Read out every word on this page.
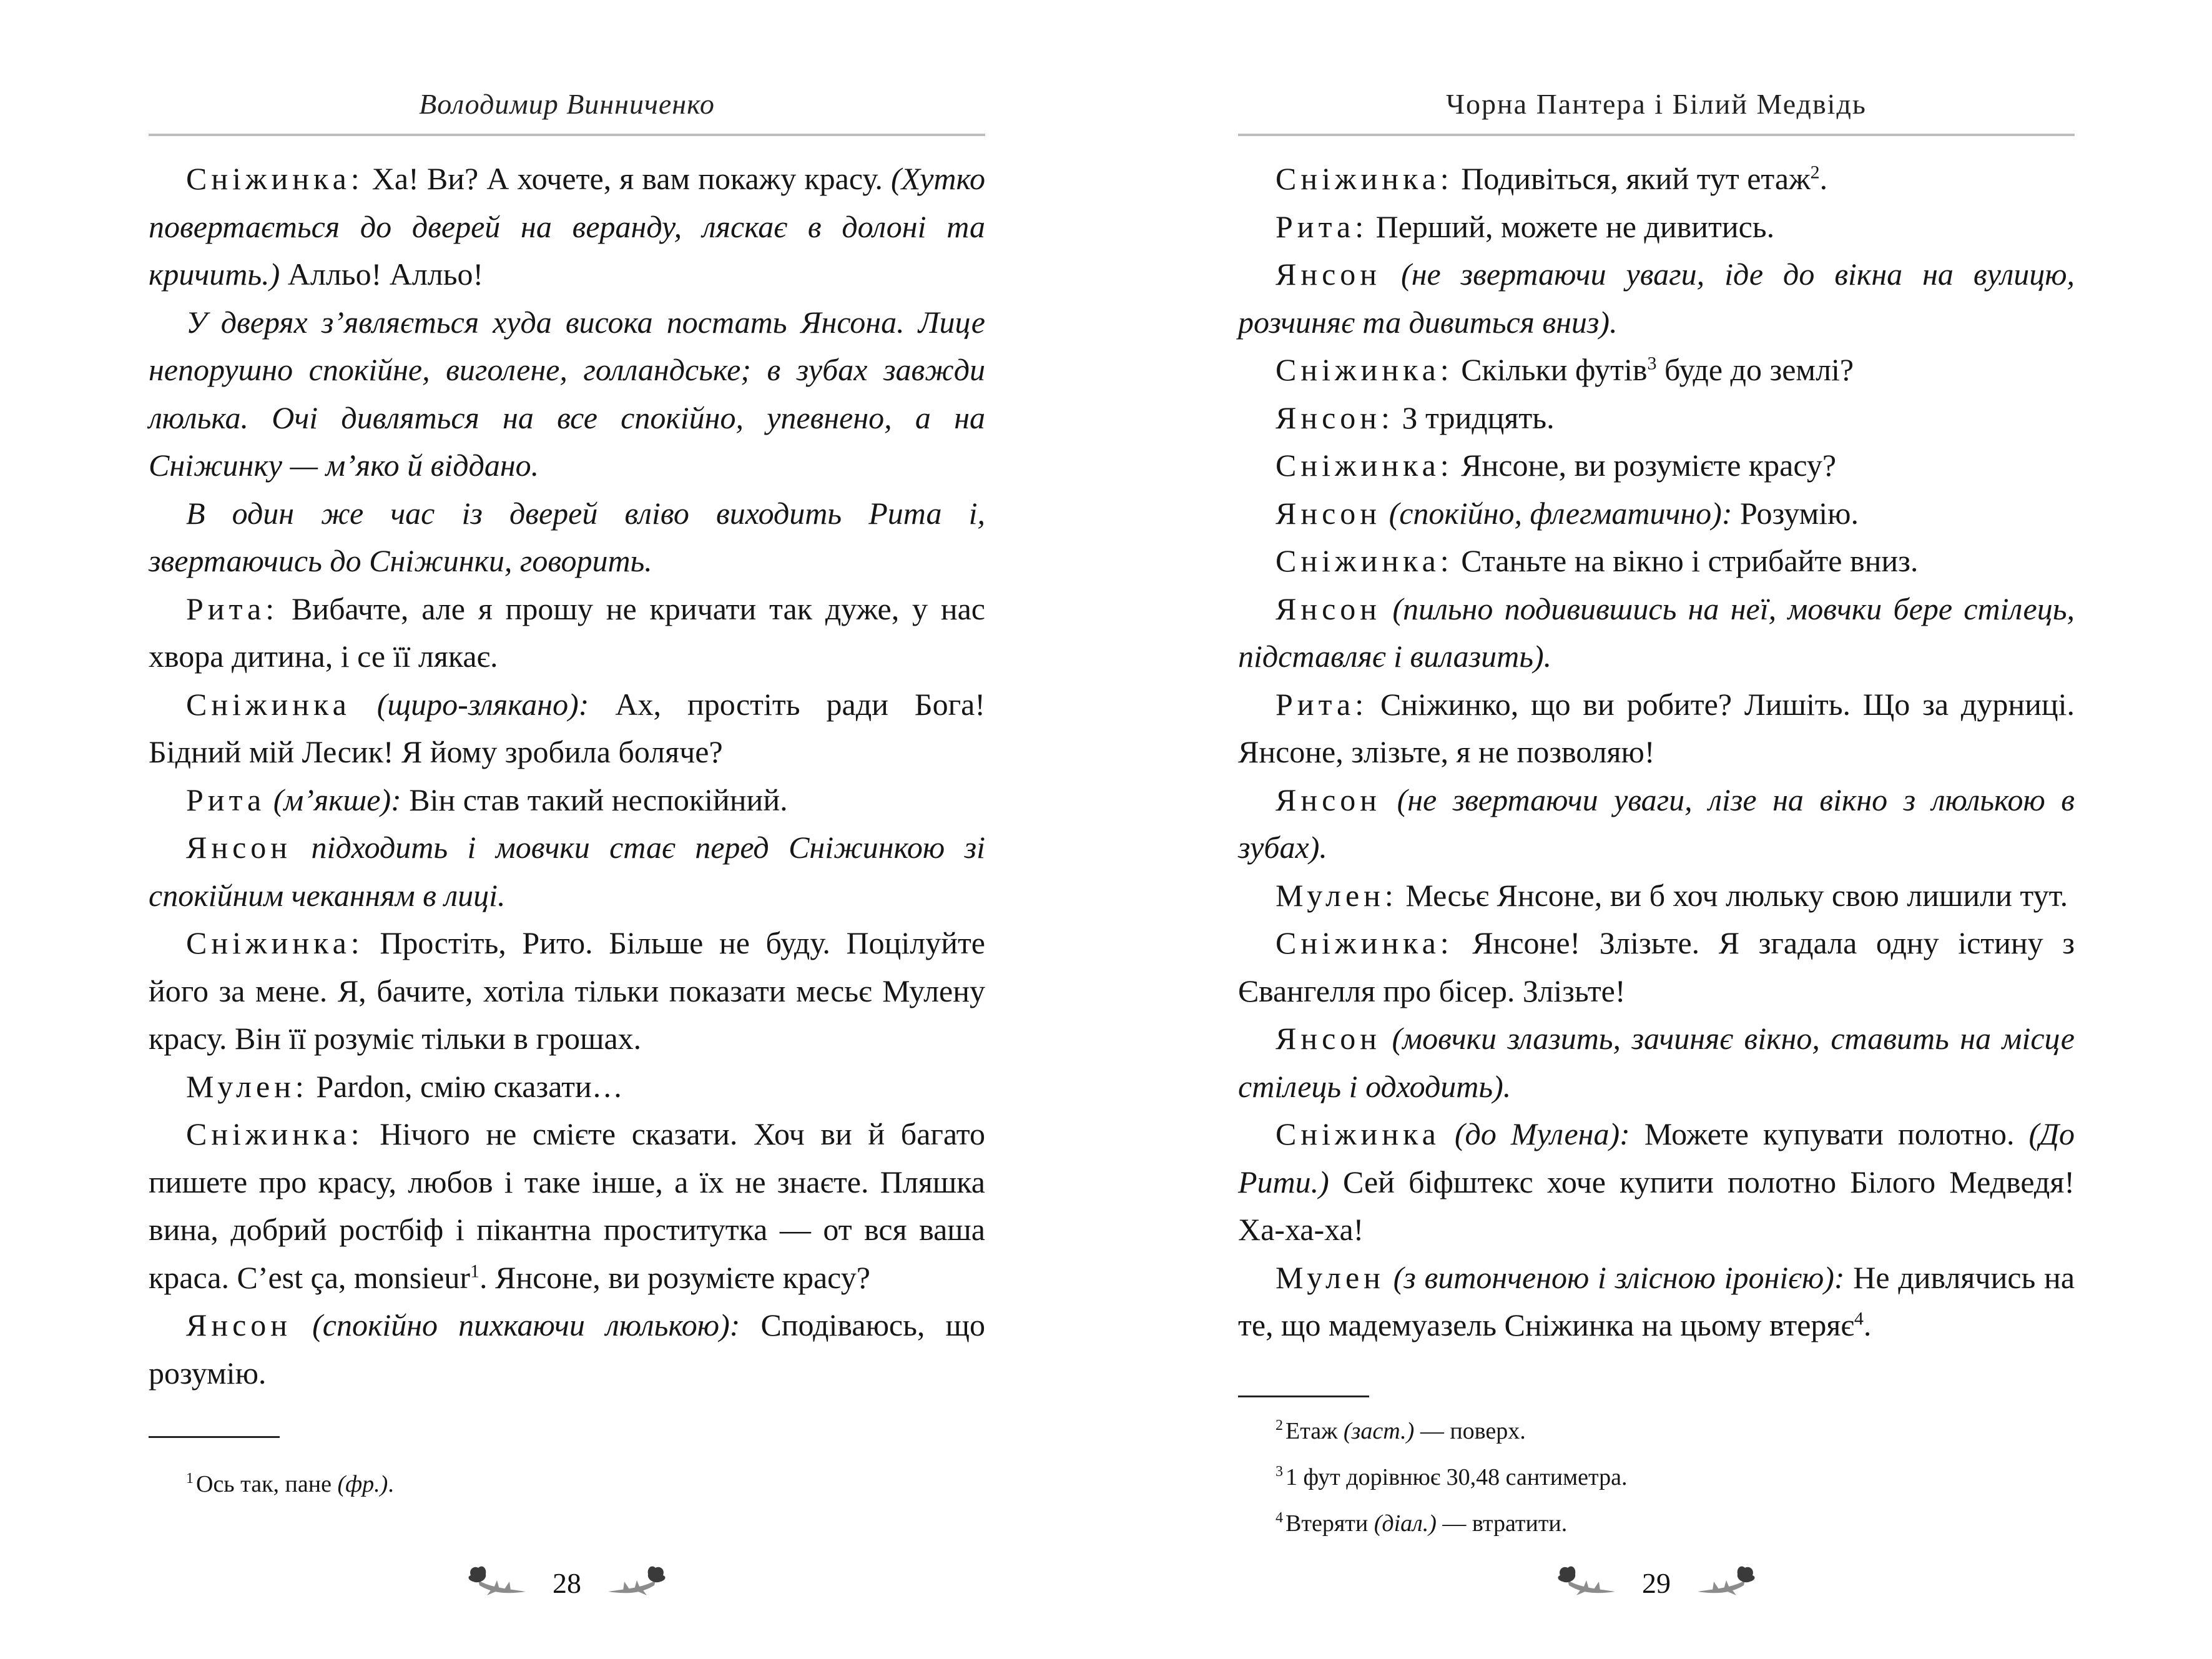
Володимир Винниченко

Сніжинка: Ха! Ви? А хочете, я вам покажу красу. (Хутко повертається до дверей на веранду, ляскає в долоні та кричить.) Алльо! Алльо!

У дверях з’являється худа висока постать Янсона. Лице непорушно спокійне, виголене, голландське; в зубах завжди люлька. Очі дивляться на все спокійно, упевнено, а на Сніжинку — м’яко й віддано.

В один же час із дверей вліво виходить Рита і, звертаючись до Сніжинки, говорить.

Рита: Вибачте, але я прошу не кричати так дуже, у нас хвора дитина, і се її лякає.

Сніжинка (щиро-злякано): Ах, простіть ради Бога! Бідний мій Лесик! Я йому зробила боляче?

Рита (м’якше): Він став такий неспокійний.

Янсон підходить і мовчки стає перед Сніжинкою зі спокійним чеканням в лиці.

Сніжинка: Простіть, Рито. Більше не буду. Поцілуйте його за мене. Я, бачите, хотіла тільки показати месьє Мулену красу. Він її розуміє тільки в грошах.

Мулен: Pardon, смію сказати…

Сніжинка: Нічого не смієте сказати. Хоч ви й багато пишете про красу, любов і таке інше, а їх не знаєте. Пляшка вина, добрий ростбіф і пікантна проститутка — от вся ваша краса. C’est ça, monsieur$^1$. Янсоне, ви розумієте красу?

Янсон (спокійно пихкаючи люлькою): Сподіваюсь, що розумію.

$^1$ Ось так, пане (фр.).

28
Чорна Пантера і Білий Медвідь

Сніжинка: Подивіться, який тут етаж$^2$.

Рита: Перший, можете не дивитись.

Янсон (не звертаючи уваги, іде до вікна на вулицю, розчиняє та дивиться вниз).

Сніжинка: Скільки футів$^3$ буде до землі?

Янсон: З тридцять.

Сніжинка: Янсоне, ви розумієте красу?

Янсон (спокійно, флегматично): Розумію.

Сніжинка: Станьте на вікно і стрибайте вниз.

Янсон (пильно подивившись на неї, мовчки бере стілець, підставляє і вилазить).

Рита: Сніжинко, що ви робите? Лишіть. Що за дурниці. Янсоне, злізьте, я не позволяю!

Янсон (не звертаючи уваги, лізе на вікно з люлькою в зубах).

Мулен: Месьє Янсоне, ви б хоч люльку свою лишили тут.

Сніжинка: Янсоне! Злізьте. Я згадала одну істину з Євангелля про бісер. Злізьте!

Янсон (мовчки злазить, зачиняє вікно, ставить на місце стілець і одходить).

Сніжинка (до Мулена): Можете купувати полотно. (До Рити.) Сей біфштекс хоче купити полотно Білого Медведя! Ха-ха-ха!

Мулен (з витонченою і злісною іронією): Не дивлячись на те, що мадемуазель Сніжинка на цьому втеряє$^4$.

$^2$ Етаж (заст.) — поверх.

$^3$ 1 фут дорівнює 30,48 сантиметра.

$^4$ Втеряти (діал.) — втратити.

29
